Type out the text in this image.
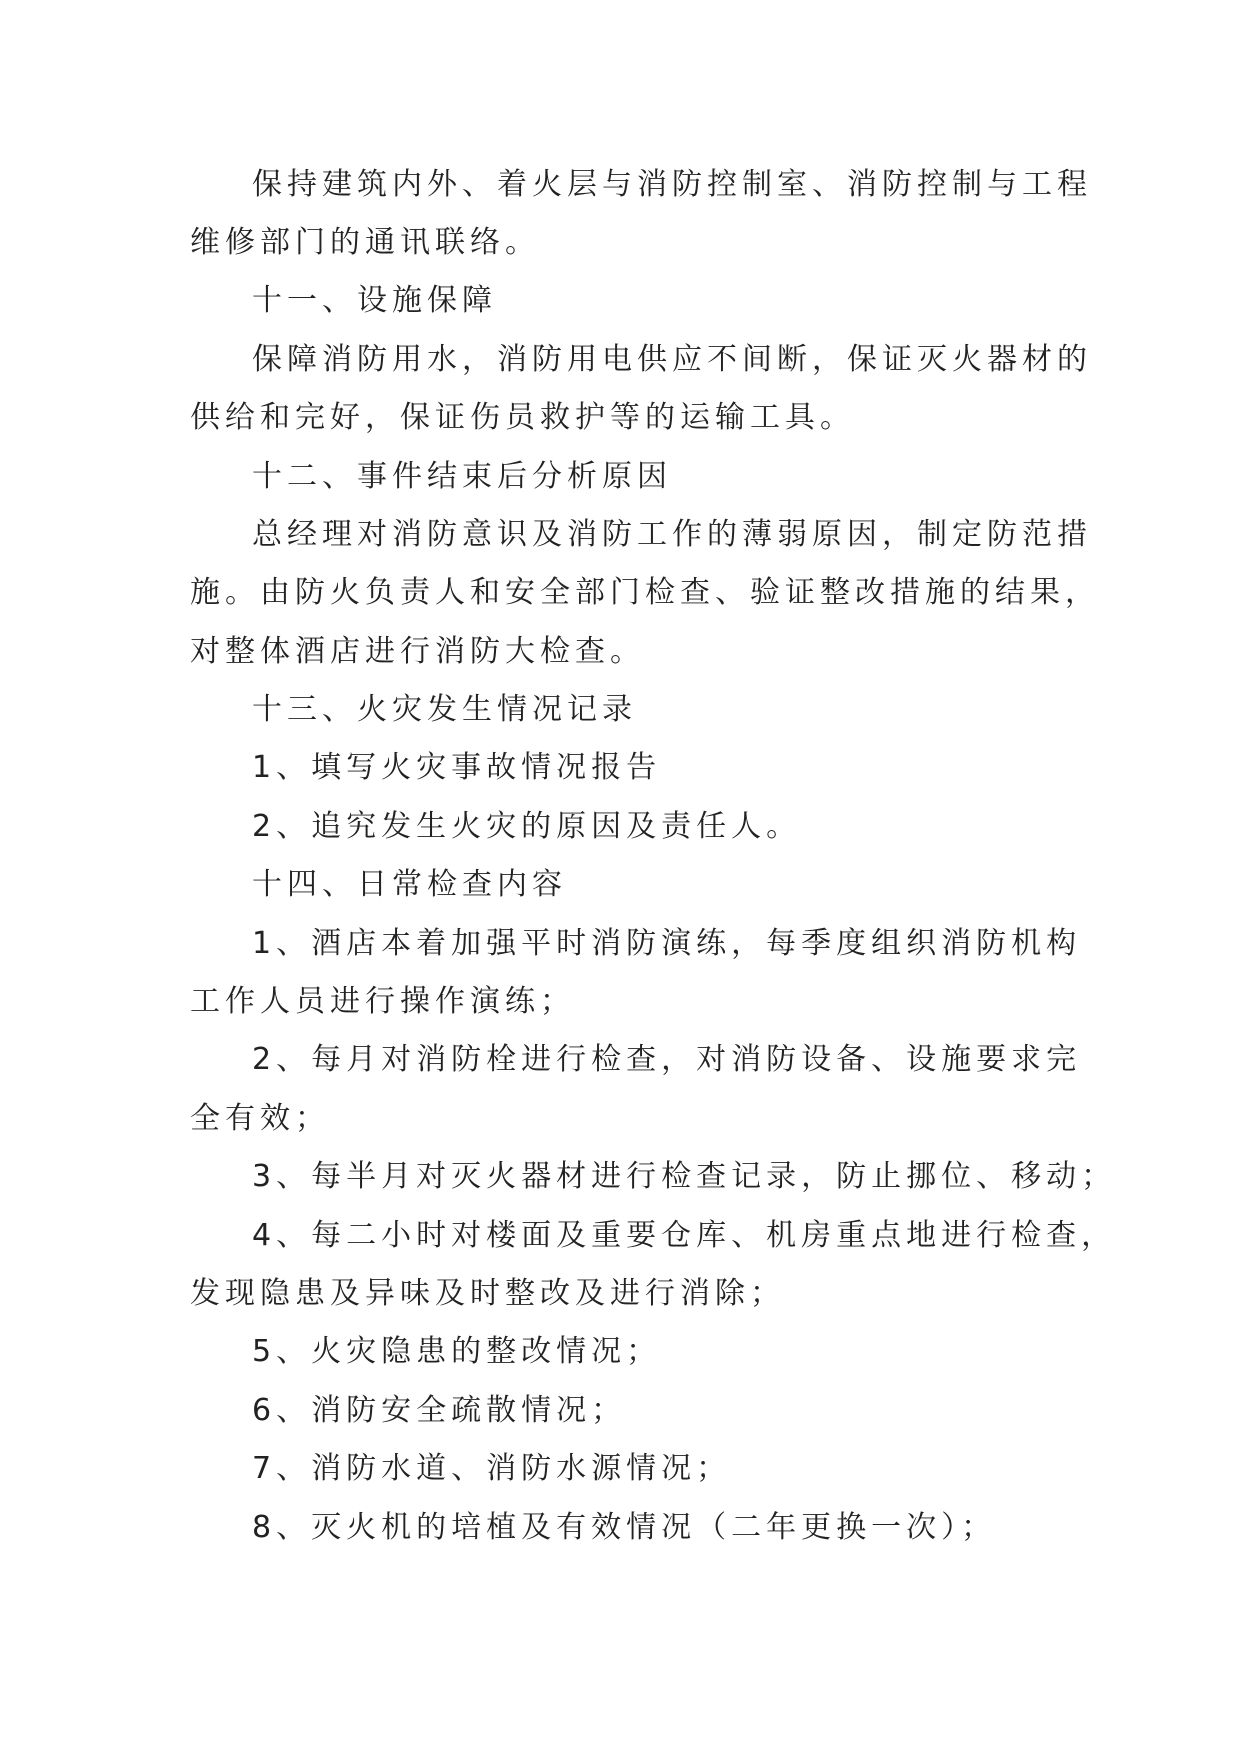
保持建筑内外、着火层与消防控制室、消防控制与工程
维修部门的通讯联络。
十一、设施保障
保障消防用水，消防用电供应不间断，保证灭火器材的
供给和完好，保证伤员救护等的运输工具。
十二、事件结束后分析原因
总经理对消防意识及消防工作的薄弱原因，制定防范措
施。由防火负责人和安全部门检查、验证整改措施的结果，
对整体酒店进行消防大检查。
十三、火灾发生情况记录
1、填写火灾事故情况报告
2、追究发生火灾的原因及责任人。
十四、日常检查内容
1、酒店本着加强平时消防演练，每季度组织消防机构
工作人员进行操作演练；
2、每月对消防栓进行检查，对消防设备、设施要求完
全有效；
3、每半月对灭火器材进行检查记录，防止挪位、移动；
4、每二小时对楼面及重要仓库、机房重点地进行检查，
发现隐患及异味及时整改及进行消除；
5、火灾隐患的整改情况；
6、消防安全疏散情况；
7、消防水道、消防水源情况；
8、灭火机的培植及有效情况（二年更换一次）；
